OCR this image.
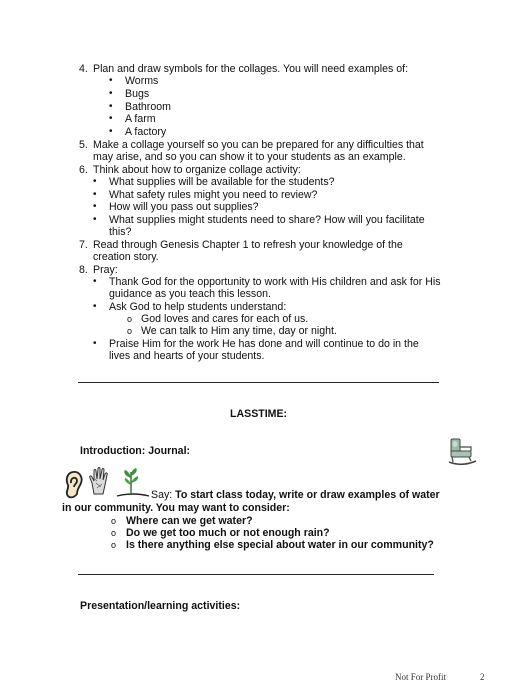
4. Plan and draw symbols for the collages. You will need examples of:
• Worms
• Bugs
• Bathroom
• A farm
• A factory
5. Make a collage yourself so you can be prepared for any difficulties that
may arise, and so you can show it to your students as an example.
6. Think about how to organize collage activity:
• What supplies will be available for the students?
• What safety rules might you need to review?
• How will you pass out supplies?
• What supplies might students need to share? How will you facilitate
this?
7. Read through Genesis Chapter 1 to refresh your knowledge of the
creation story.
8. Pray:
• Thank God for the opportunity to work with His children and ask for His
guidance as you teach this lesson.
• Ask God to help students understand:
o God loves and cares for each of us.
o We can talk to Him any time, day or night.
• Praise Him for the work He has done and will continue to do in the
lives and hearts of your students.
LASSTIME:
Introduction: Journal:
Say: To start class today, write or draw examples of water
in our community. You may want to consider:
o Where can we get water?
o Do we get too much or not enough rain?
o Is there anything else special about water in our community?
Presentation/learning activities:
Not For Profit	2
